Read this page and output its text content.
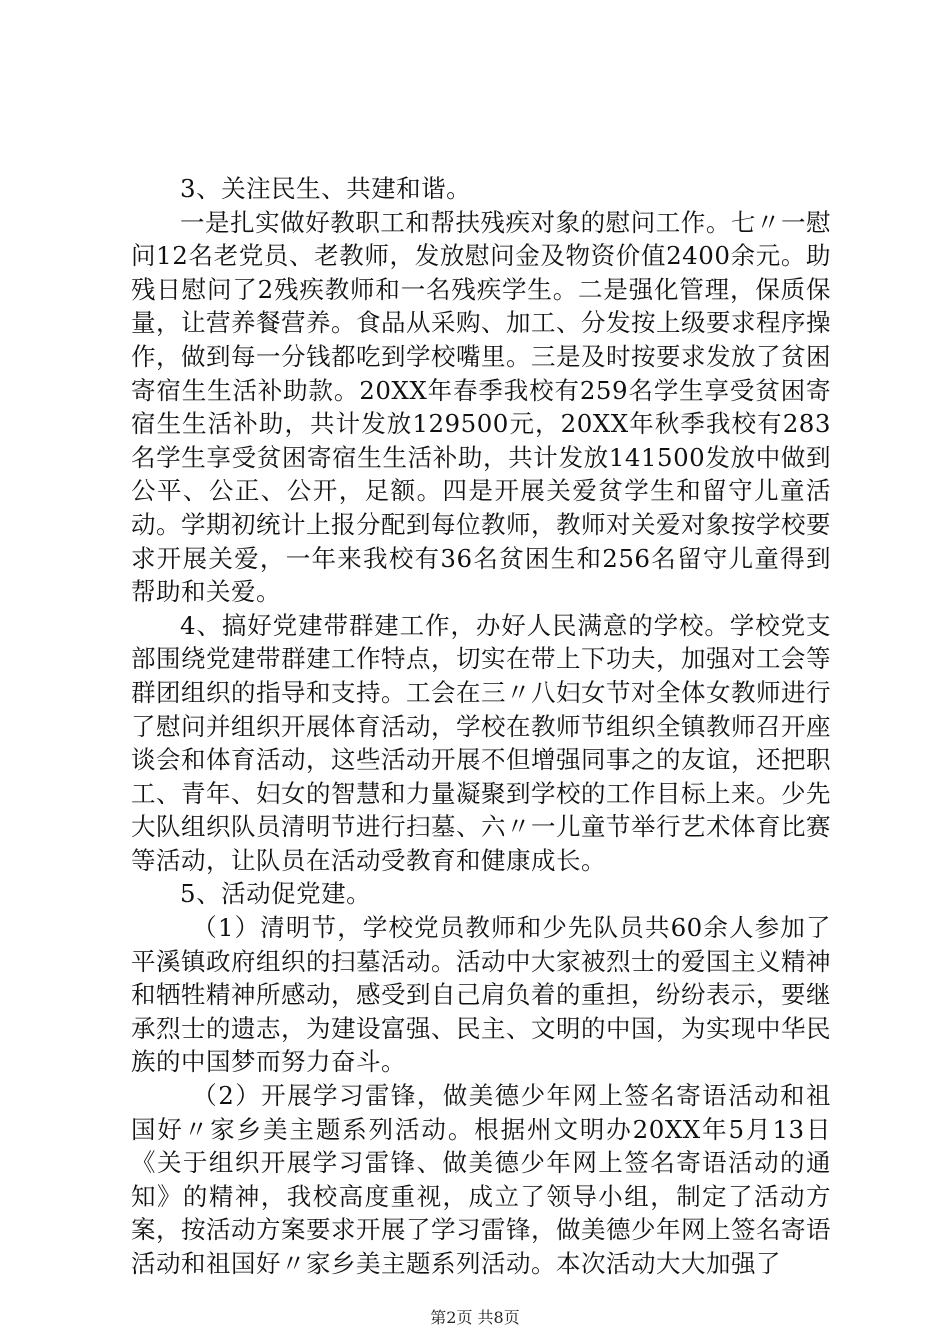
3、关注民生、共建和谐。

一是扎实做好教职工和帮扶残疾对象的慰问工作。七〃一慰问12名老党员、老教师，发放慰问金及物资价值2400余元。助残日慰问了2残疾教师和一名残疾学生。二是强化管理，保质保量，让营养餐营养。食品从采购、加工、分发按上级要求程序操作，做到每一分钱都吃到学校嘴里。三是及时按要求发放了贫困寄宿生生活补助款。20XX年春季我校有259名学生享受贫困寄宿生生活补助，共计发放129500元，20XX年秋季我校有283名学生享受贫困寄宿生生活补助，共计发放141500发放中做到公平、公正、公开，足额。四是开展关爱贫学生和留守儿童活动。学期初统计上报分配到每位教师，教师对关爱对象按学校要求开展关爱，一年来我校有36名贫困生和256名留守儿童得到帮助和关爱。

4、搞好党建带群建工作，办好人民满意的学校。学校党支部围绕党建带群建工作特点，切实在带上下功夫，加强对工会等群团组织的指导和支持。工会在三〃八妇女节对全体女教师进行了慰问并组织开展体育活动，学校在教师节组织全镇教师召开座谈会和体育活动，这些活动开展不但增强同事之的友谊，还把职工、青年、妇女的智慧和力量凝聚到学校的工作目标上来。少先大队组织队员清明节进行扫墓、六〃一儿童节举行艺术体育比赛等活动，让队员在活动受教育和健康成长。

5、活动促党建。

（1）清明节，学校党员教师和少先队员共60余人参加了平溪镇政府组织的扫墓活动。活动中大家被烈士的爱国主义精神和牺牲精神所感动，感受到自己肩负着的重担，纷纷表示，要继承烈士的遗志，为建设富强、民主、文明的中国，为实现中华民族的中国梦而努力奋斗。

（2）开展学习雷锋，做美德少年网上签名寄语活动和祖国好〃家乡美主题系列活动。根据州文明办20XX年5月13日《关于组织开展学习雷锋、做美德少年网上签名寄语活动的通知》的精神，我校高度重视，成立了领导小组，制定了活动方案，按活动方案要求开展了学习雷锋，做美德少年网上签名寄语活动和祖国好〃家乡美主题系列活动。本次活动大大加强了

第2页 共8页
